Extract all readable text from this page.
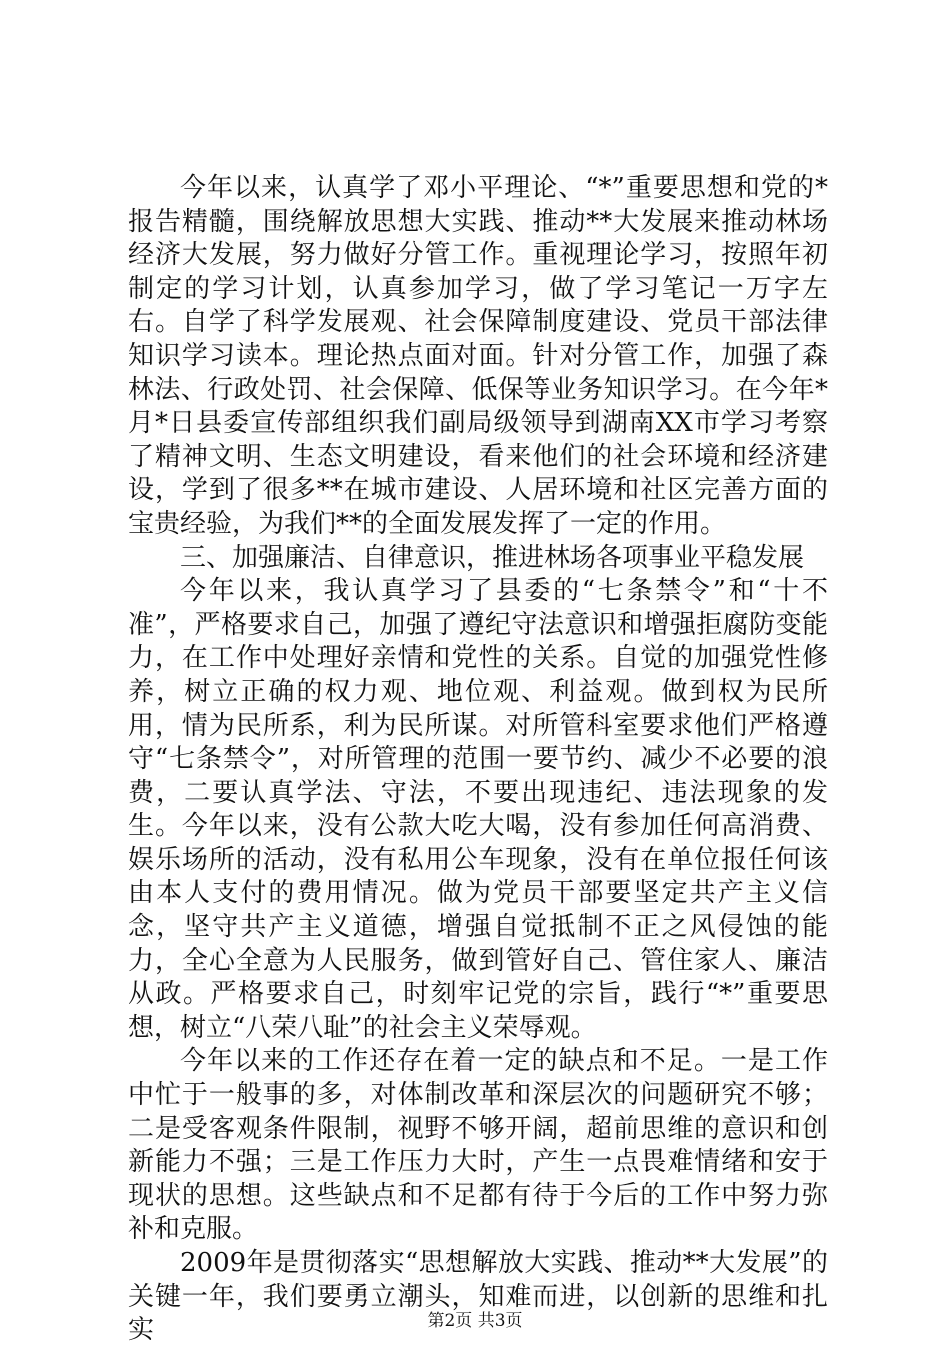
今年以来，认真学了邓小平理论、“*”重要思想和党的*报告精髓，围绕解放思想大实践、推动**大发展来推动林场经济大发展，努力做好分管工作。重视理论学习，按照年初制定的学习计划，认真参加学习，做了学习笔记一万字左右。自学了科学发展观、社会保障制度建设、党员干部法律知识学习读本。理论热点面对面。针对分管工作，加强了森林法、行政处罚、社会保障、低保等业务知识学习。在今年*月*日县委宣传部组织我们副局级领导到湖南XX市学习考察了精神文明、生态文明建设，看来他们的社会环境和经济建设，学到了很多**在城市建设、人居环境和社区完善方面的宝贵经验，为我们**的全面发展发挥了一定的作用。

三、加强廉洁、自律意识，推进林场各项事业平稳发展

今年以来，我认真学习了县委的“七条禁令”和“十不准”，严格要求自己，加强了遵纪守法意识和增强拒腐防变能力，在工作中处理好亲情和党性的关系。自觉的加强党性修养，树立正确的权力观、地位观、利益观。做到权为民所用，情为民所系，利为民所谋。对所管科室要求他们严格遵守“七条禁令”，对所管理的范围一要节约、减少不必要的浪费，二要认真学法、守法，不要出现违纪、违法现象的发生。今年以来，没有公款大吃大喝，没有参加任何高消费、娱乐场所的活动，没有私用公车现象，没有在单位报任何该由本人支付的费用情况。做为党员干部要坚定共产主义信念，坚守共产主义道德，增强自觉抵制不正之风侵蚀的能力，全心全意为人民服务，做到管好自己、管住家人、廉洁从政。严格要求自己，时刻牢记党的宗旨，践行“*”重要思想，树立“八荣八耻”的社会主义荣辱观。

今年以来的工作还存在着一定的缺点和不足。一是工作中忙于一般事的多，对体制改革和深层次的问题研究不够；二是受客观条件限制，视野不够开阔，超前思维的意识和创新能力不强；三是工作压力大时，产生一点畏难情绪和安于现状的思想。这些缺点和不足都有待于今后的工作中努力弥补和克服。

2009年是贯彻落实“思想解放大实践、推动**大发展”的关键一年，我们要勇立潮头，知难而进，以创新的思维和扎实	第2页 共3页
